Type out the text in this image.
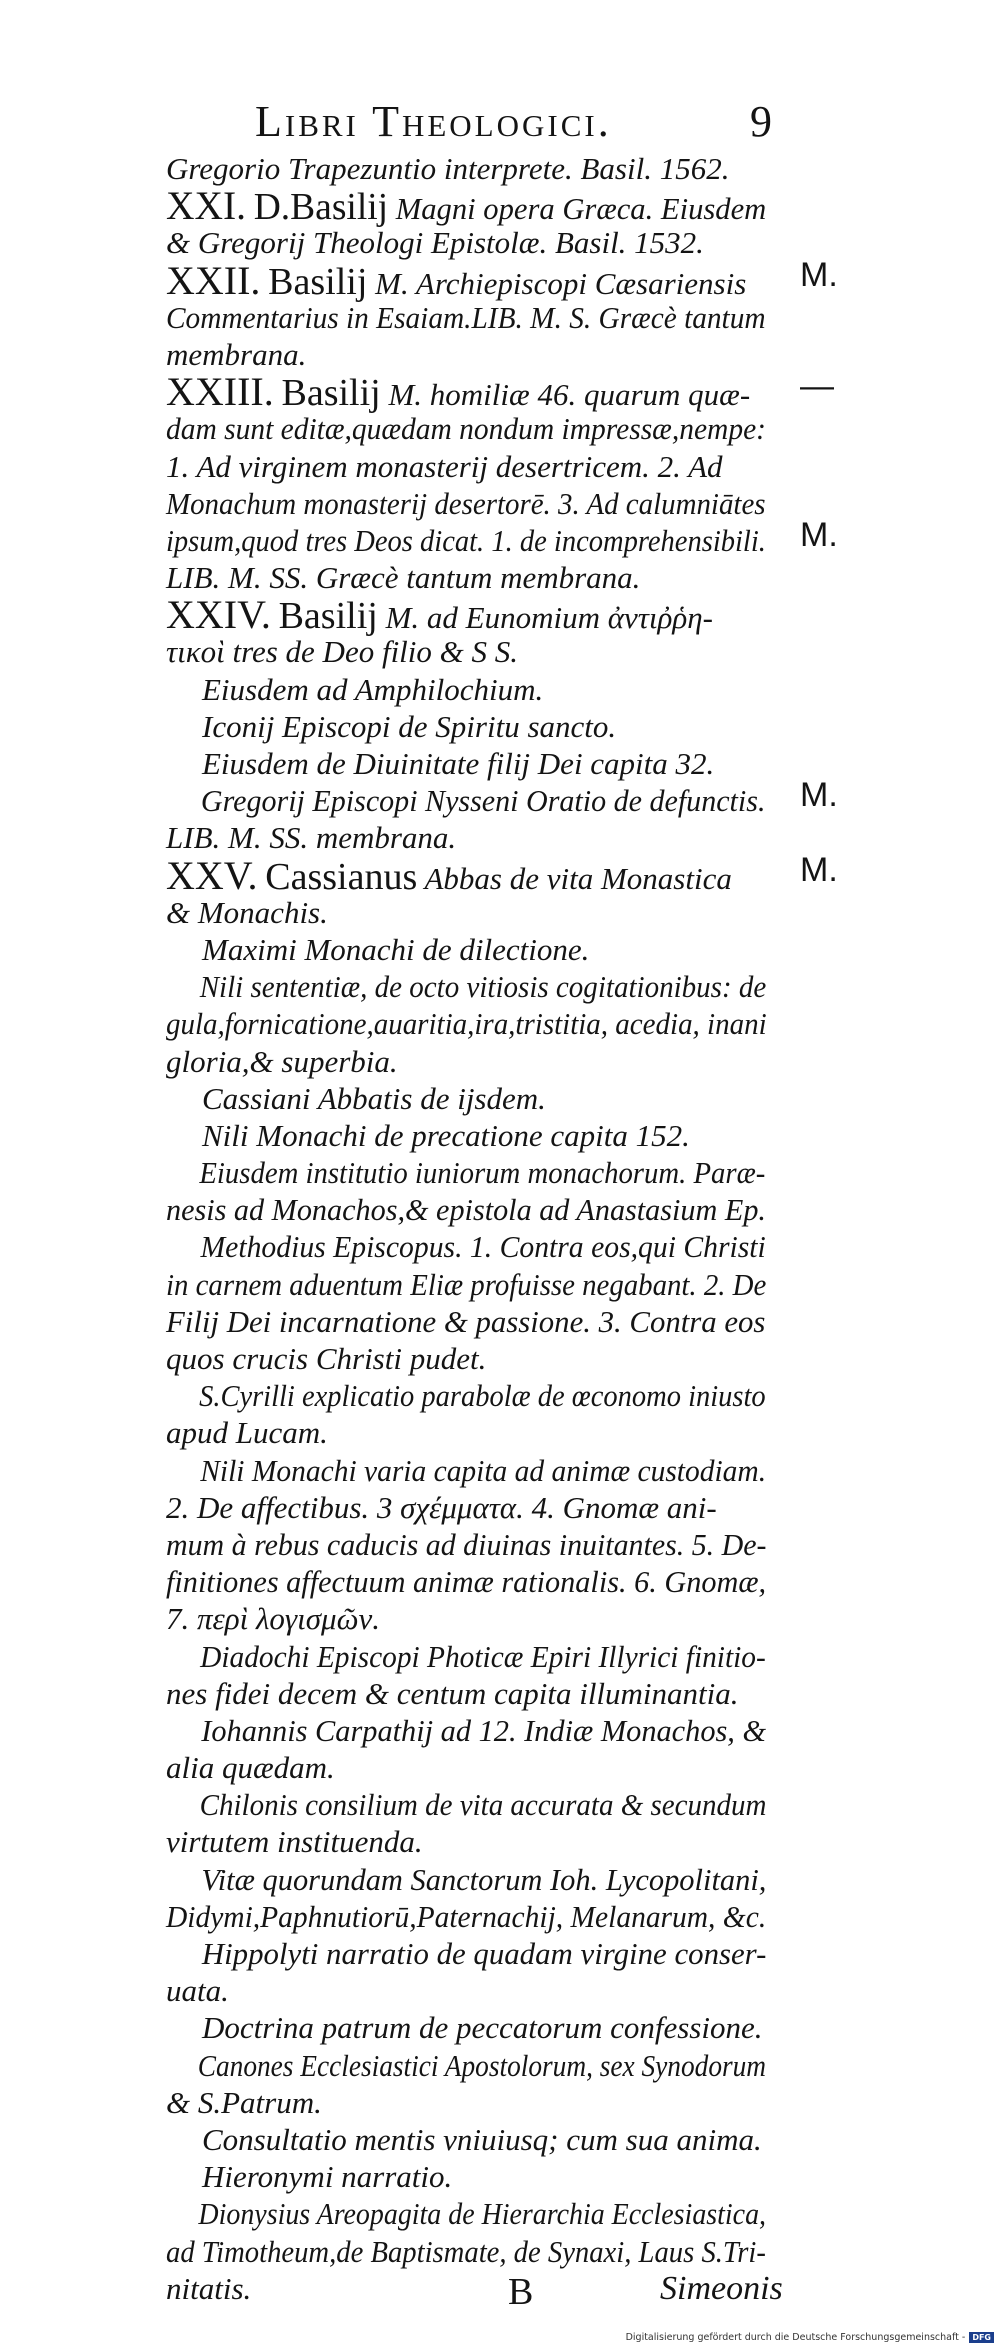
Libri Theologici.	9
Gregorio Trapezuntio interprete. Basil. 1562.
XXI. D.Basilij Magni opera Græca. Eiusdem
& Gregorij Theologi Epistolæ. Basil. 1532.
XXII. Basilij M. Archiepiscopi Cæsariensis
Commentarius in Esaiam.LIB. M. S. Græcè tantum
membrana.
XXIII. Basilij M. homiliæ 46. quarum quæ-
dam sunt editæ,quædam nondum impressæ,nempe:
1. Ad virginem monasterij desertricem. 2. Ad
Monachum monasterij desertorē. 3. Ad calumniātes
ipsum,quod tres Deos dicat. 1. de incomprehensibili.
LIB. M. SS. Græcè tantum membrana.
XXIV. Basilij M. ad Eunomium ἀντιῤῥη-
τικοὶ tres de Deo filio & S S.
Eiusdem ad Amphilochium.
Iconij Episcopi de Spiritu sancto.
Eiusdem de Diuinitate filij Dei capita 32.
Gregorij Episcopi Nysseni Oratio de defunctis.
LIB. M. SS. membrana.
XXV. Cassianus Abbas de vita Monastica
& Monachis.
Maximi Monachi de dilectione.
Nili sententiæ, de octo vitiosis cogitationibus: de
gula,fornicatione,auaritia,ira,tristitia, acedia, inani
gloria,& superbia.
Cassiani Abbatis de ijsdem.
Nili Monachi de precatione capita 152.
Eiusdem institutio iuniorum monachorum. Paræ-
nesis ad Monachos,& epistola ad Anastasium Ep.
Methodius Episcopus. 1. Contra eos,qui Christi
in carnem aduentum Eliæ profuisse negabant. 2. De
Filij Dei incarnatione & passione. 3. Contra eos
quos crucis Christi pudet.
S.Cyrilli explicatio parabolæ de œconomo iniusto
apud Lucam.
Nili Monachi varia capita ad animæ custodiam.
2. De affectibus. 3 σχέμματα. 4. Gnomæ ani-
mum à rebus caducis ad diuinas inuitantes. 5. De-
finitiones affectuum animæ rationalis. 6. Gnomæ,
7. περὶ λογισμῶν.
Diadochi Episcopi Photicæ Epiri Illyrici finitio-
nes fidei decem & centum capita illuminantia.
Iohannis Carpathij ad 12. Indiæ Monachos, &
alia quædam.
Chilonis consilium de vita accurata & secundum
virtutem instituenda.
Vitæ quorundam Sanctorum Ioh. Lycopolitani,
Didymi,Paphnutiorū,Paternachij, Melanarum, &c.
Hippolyti narratio de quadam virgine conser-
uata.
Doctrina patrum de peccatorum confessione.
Canones Ecclesiastici Apostolorum, sex Synodorum
& S.Patrum.
Consultatio mentis vniuiusq; cum sua anima.
Hieronymi narratio.
Dionysius Areopagita de Hierarchia Ecclesiastica,
ad Timotheum,de Baptismate, de Synaxi, Laus S.Tri-
nitatis.
M.
—
M.
M.
M.
B	Simeonis
Digitalisierung gefördert durch die Deutsche Forschungsgemeinschaft - DFG
